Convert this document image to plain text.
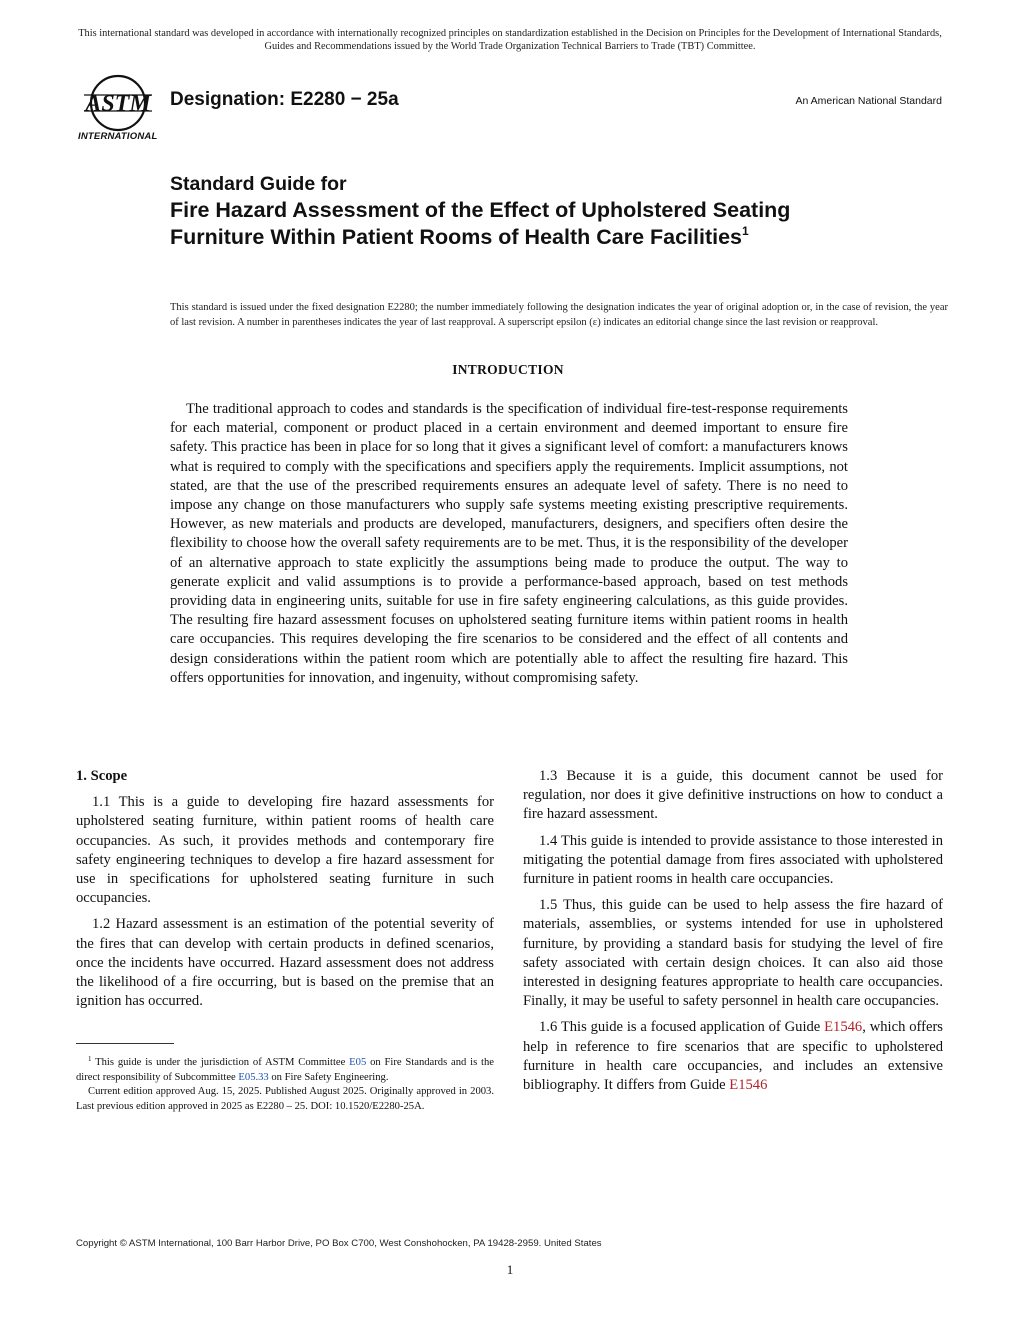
This international standard was developed in accordance with internationally recognized principles on standardization established in the Decision on Principles for the Development of International Standards, Guides and Recommendations issued by the World Trade Organization Technical Barriers to Trade (TBT) Committee.
ASTM
INTERNATIONAL
Designation: E2280 − 25a	An American National Standard
Standard Guide for
Fire Hazard Assessment of the Effect of Upholstered Seating Furniture Within Patient Rooms of Health Care Facilities$^1$
This standard is issued under the fixed designation E2280; the number immediately following the designation indicates the year of original adoption or, in the case of revision, the year of last revision. A number in parentheses indicates the year of last reapproval. A superscript epsilon (ε) indicates an editorial change since the last revision or reapproval.
INTRODUCTION
The traditional approach to codes and standards is the specification of individual fire-test-response requirements for each material, component or product placed in a certain environment and deemed important to ensure fire safety. This practice has been in place for so long that it gives a significant level of comfort: a manufacturers knows what is required to comply with the specifications and specifiers apply the requirements. Implicit assumptions, not stated, are that the use of the prescribed requirements ensures an adequate level of safety. There is no need to impose any change on those manufacturers who supply safe systems meeting existing prescriptive requirements. However, as new materials and products are developed, manufacturers, designers, and specifiers often desire the flexibility to choose how the overall safety requirements are to be met. Thus, it is the responsibility of the developer of an alternative approach to state explicitly the assumptions being made to produce the output. The way to generate explicit and valid assumptions is to provide a performance-based approach, based on test methods providing data in engineering units, suitable for use in fire safety engineering calculations, as this guide provides. The resulting fire hazard assessment focuses on upholstered seating furniture items within patient rooms in health care occupancies. This requires developing the fire scenarios to be considered and the effect of all contents and design considerations within the patient room which are potentially able to affect the resulting fire hazard. This offers opportunities for innovation, and ingenuity, without compromising safety.
1. Scope

1.1 This is a guide to developing fire hazard assessments for upholstered seating furniture, within patient rooms of health care occupancies. As such, it provides methods and contemporary fire safety engineering techniques to develop a fire hazard assessment for use in specifications for upholstered seating furniture in such occupancies.

1.2 Hazard assessment is an estimation of the potential severity of the fires that can develop with certain products in defined scenarios, once the incidents have occurred. Hazard assessment does not address the likelihood of a fire occurring, but is based on the premise that an ignition has occurred.

1.3 Because it is a guide, this document cannot be used for regulation, nor does it give definitive instructions on how to conduct a fire hazard assessment.

1.4 This guide is intended to provide assistance to those interested in mitigating the potential damage from fires associated with upholstered furniture in patient rooms in health care occupancies.

1.5 Thus, this guide can be used to help assess the fire hazard of materials, assemblies, or systems intended for use in upholstered furniture, by providing a standard basis for studying the level of fire safety associated with certain design choices. It can also aid those interested in designing features appropriate to health care occupancies. Finally, it may be useful to safety personnel in health care occupancies.

1.6 This guide is a focused application of Guide E1546, which offers help in reference to fire scenarios that are specific to upholstered furniture in health care occupancies, and includes an extensive bibliography. It differs from Guide E1546

$^1$ This guide is under the jurisdiction of ASTM Committee E05 on Fire Standards and is the direct responsibility of Subcommittee E05.33 on Fire Safety Engineering.

Current edition approved Aug. 15, 2025. Published August 2025. Originally approved in 2003. Last previous edition approved in 2025 as E2280 – 25. DOI: 10.1520/E2280-25A.

Copyright © ASTM International, 100 Barr Harbor Drive, PO Box C700, West Conshohocken, PA 19428-2959. United States
1
